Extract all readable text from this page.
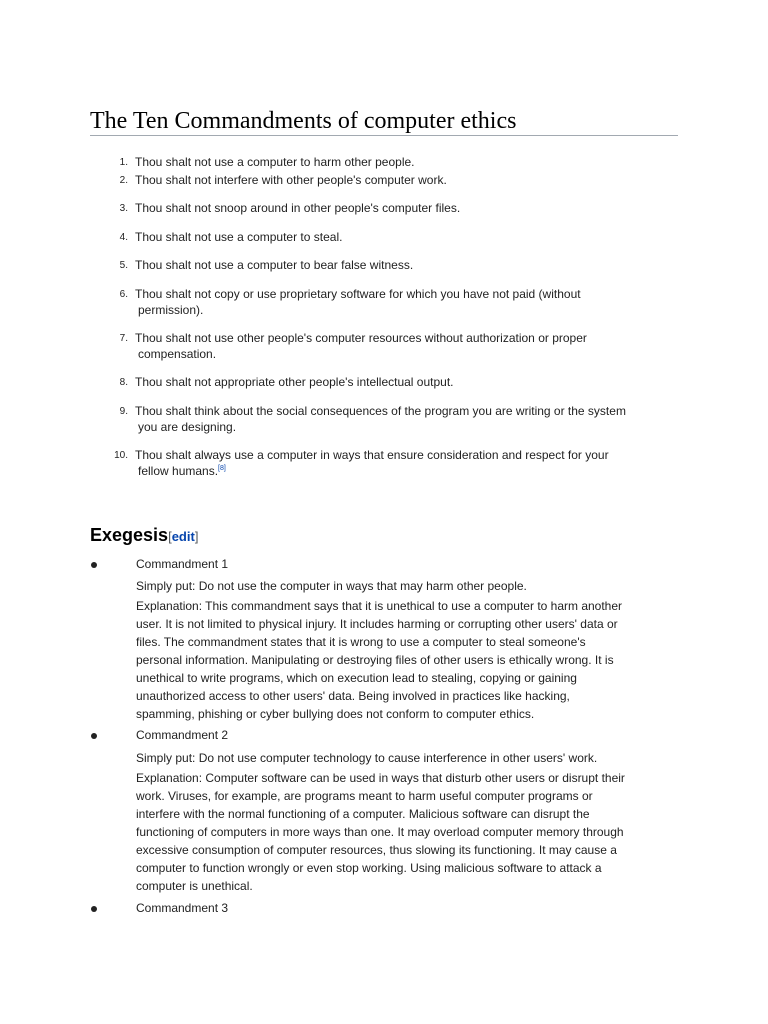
The Ten Commandments of computer ethics
1. Thou shalt not use a computer to harm other people.
2. Thou shalt not interfere with other people's computer work.
3. Thou shalt not snoop around in other people's computer files.
4. Thou shalt not use a computer to steal.
5. Thou shalt not use a computer to bear false witness.
6. Thou shalt not copy or use proprietary software for which you have not paid (without
permission).
7. Thou shalt not use other people's computer resources without authorization or proper
compensation.
8. Thou shalt not appropriate other people's intellectual output.
9. Thou shalt think about the social consequences of the program you are writing or the system
you are designing.
10. Thou shalt always use a computer in ways that ensure consideration and respect for your
fellow humans.[8]
Exegesis[edit]
Commandment 1
Simply put: Do not use the computer in ways that may harm other people.
Explanation: This commandment says that it is unethical to use a computer to harm another
user. It is not limited to physical injury. It includes harming or corrupting other users' data or
files. The commandment states that it is wrong to use a computer to steal someone's
personal information. Manipulating or destroying files of other users is ethically wrong. It is
unethical to write programs, which on execution lead to stealing, copying or gaining
unauthorized access to other users' data. Being involved in practices like hacking,
spamming, phishing or cyber bullying does not conform to computer ethics.
Commandment 2
Simply put: Do not use computer technology to cause interference in other users' work.
Explanation: Computer software can be used in ways that disturb other users or disrupt their
work. Viruses, for example, are programs meant to harm useful computer programs or
interfere with the normal functioning of a computer. Malicious software can disrupt the
functioning of computers in more ways than one. It may overload computer memory through
excessive consumption of computer resources, thus slowing its functioning. It may cause a
computer to function wrongly or even stop working. Using malicious software to attack a
computer is unethical.
Commandment 3
